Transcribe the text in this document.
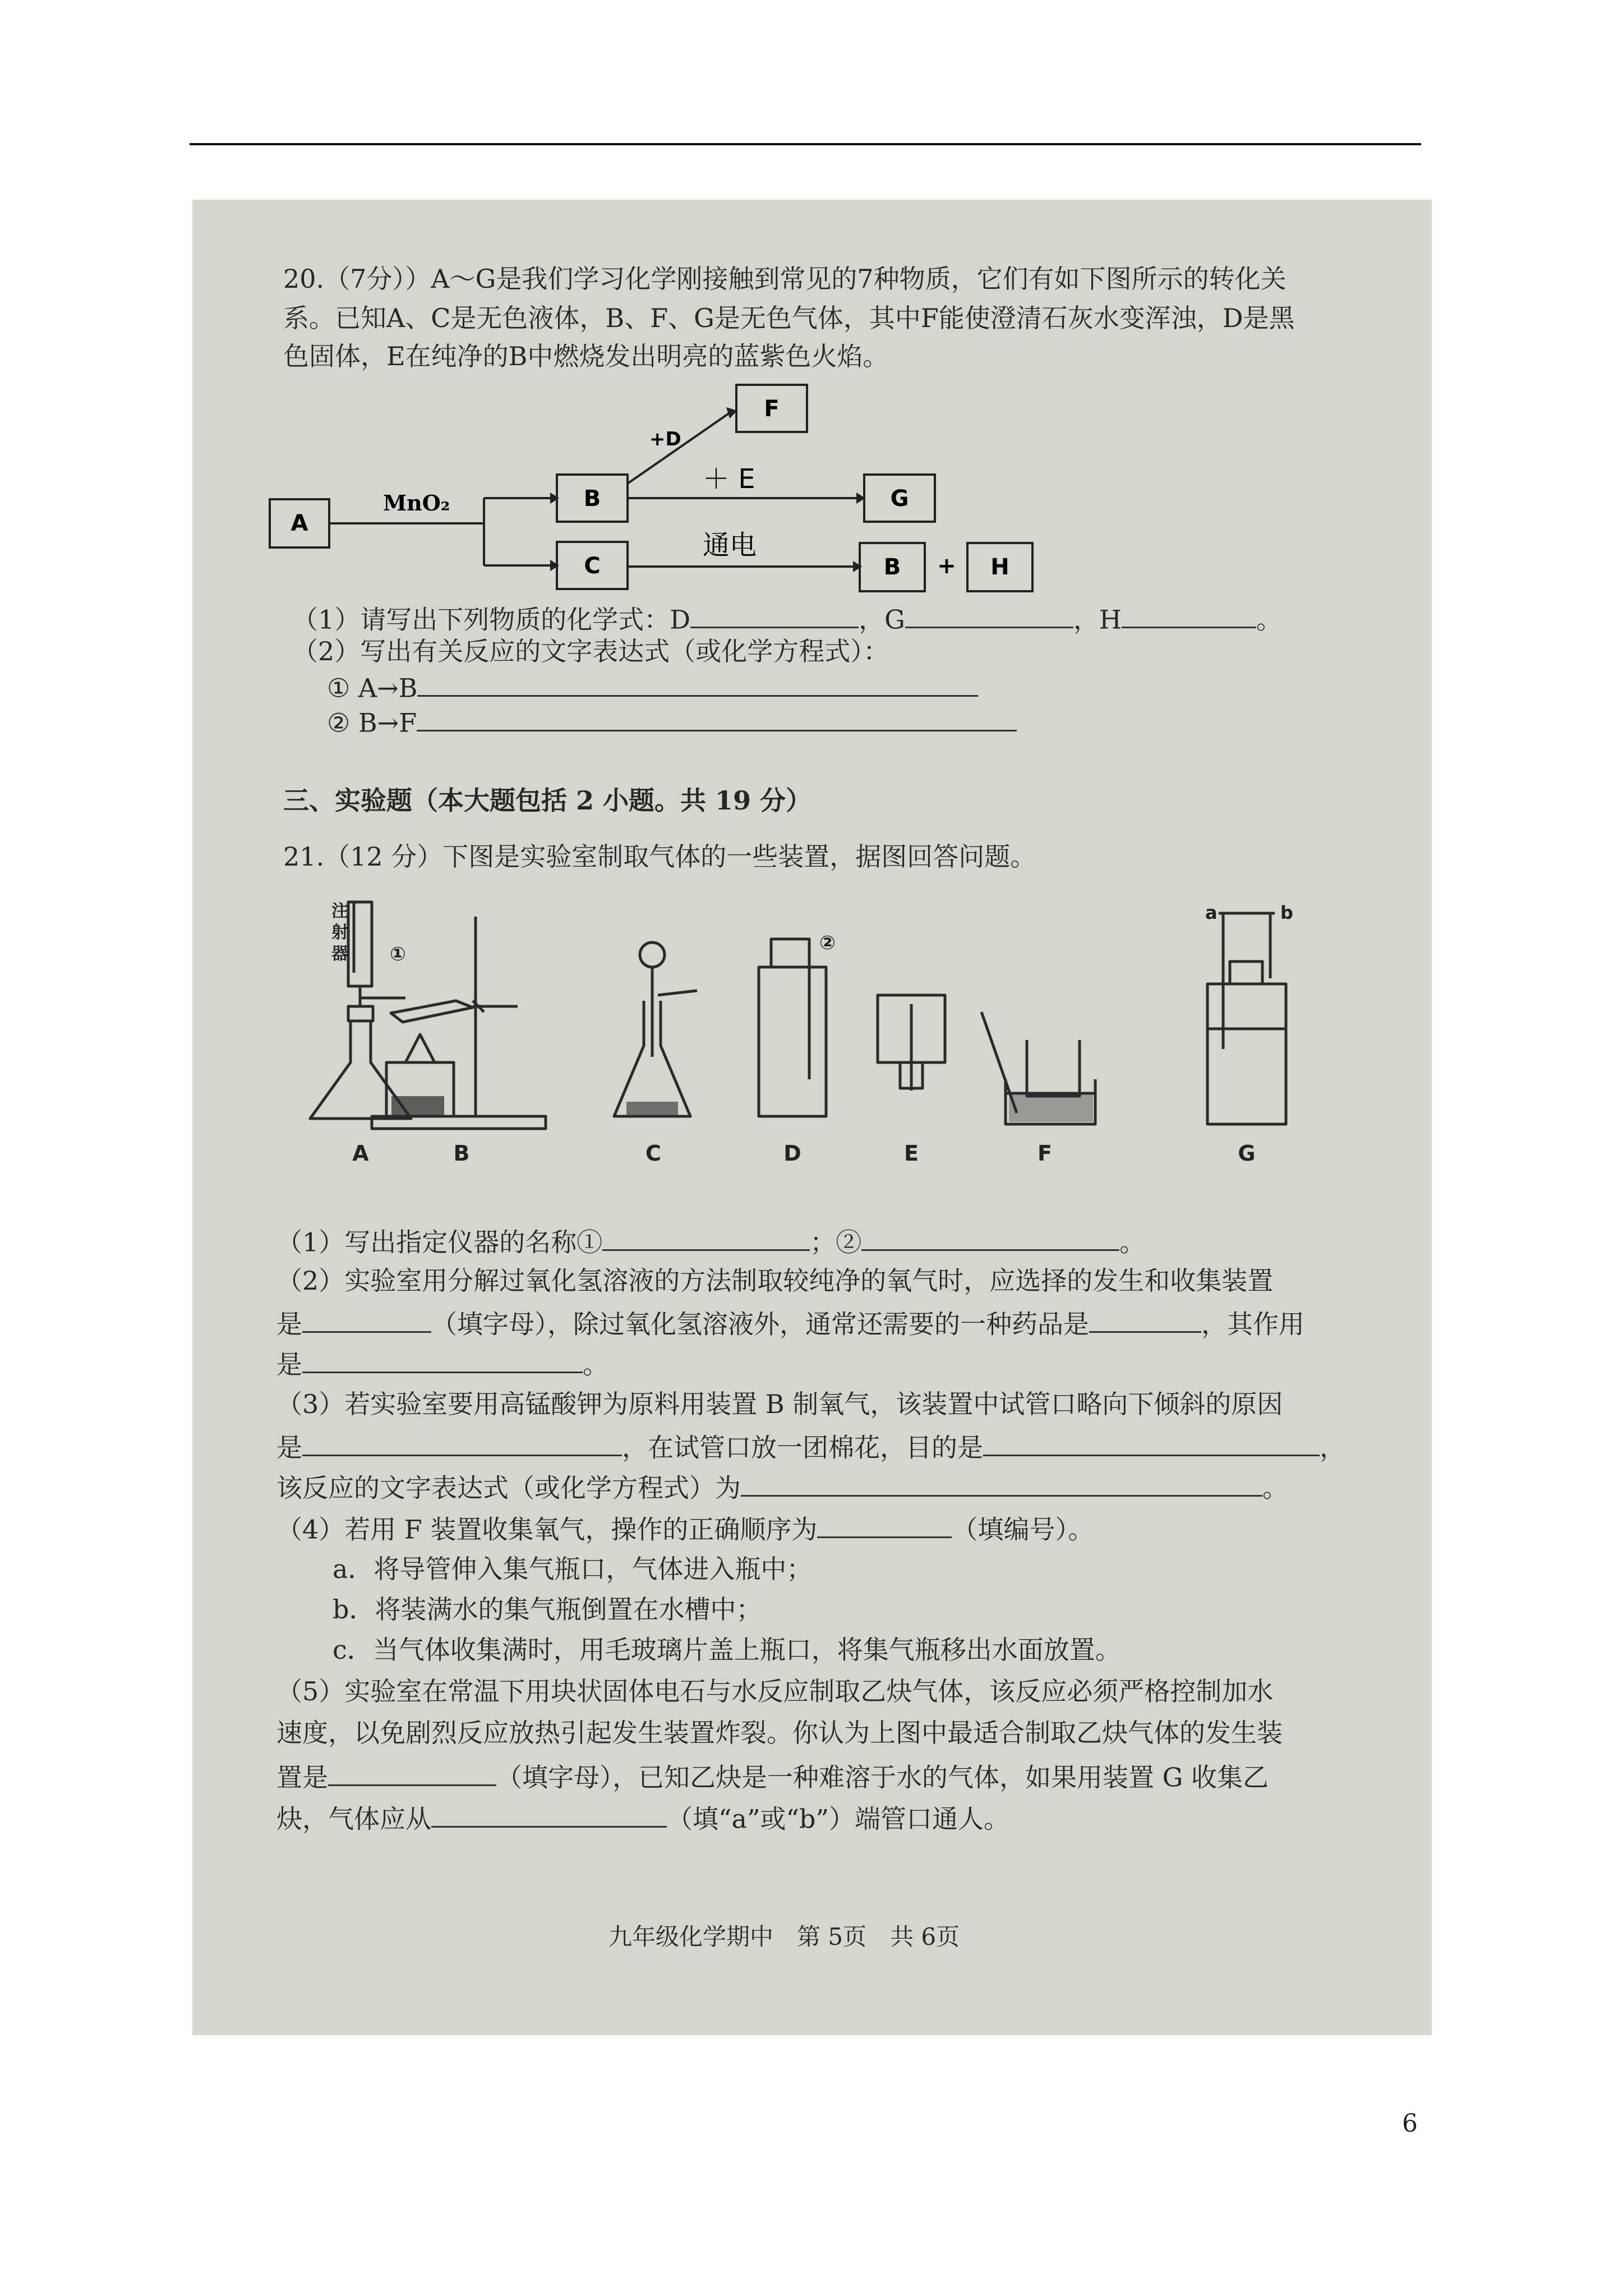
20.（7分））A～G是我们学习化学刚接触到常见的7种物质，它们有如下图所示的转化关
系。已知A、C是无色液体，B、F、G是无色气体，其中F能使澄清石灰水变浑浊，D是黑
色固体，E在纯净的B中燃烧发出明亮的蓝紫色火焰。
A
B
C
F
G
B	H
+
MnO₂
+D
＋ E
通电
（1）请写出下列物质的化学式：D	，G	，H	。
（2）写出有关反应的文字表达式（或化学方程式）：
① A→B
② B→F
三、实验题（本大题包括 2 小题。共 19 分）
21.（12 分）下图是实验室制取气体的一些装置，据图回答问题。
A	B	C	D	E	F	G
注
射
器 ①	②
a	b
（1）写出指定仪器的名称①	；②	。
（2）实验室用分解过氧化氢溶液的方法制取较纯净的氧气时，应选择的发生和收集装置
是	（填字母），除过氧化氢溶液外，通常还需要的一种药品是	，其作用
是	。
（3）若实验室要用高锰酸钾为原料用装置 B 制氧气，该装置中试管口略向下倾斜的原因
是	，在试管口放一团棉花，目的是	，
该反应的文字表达式（或化学方程式）为	。
（4）若用 F 装置收集氧气，操作的正确顺序为	（填编号）。
a．将导管伸入集气瓶口，气体进入瓶中；
b．将装满水的集气瓶倒置在水槽中；
c．当气体收集满时，用毛玻璃片盖上瓶口，将集气瓶移出水面放置。
（5）实验室在常温下用块状固体电石与水反应制取乙炔气体，该反应必须严格控制加水
速度，以免剧烈反应放热引起发生装置炸裂。你认为上图中最适合制取乙炔气体的发生装
置是	（填字母），已知乙炔是一种难溶于水的气体，如果用装置 G 收集乙
炔，气体应从	（填“a”或“b”）端管口通人。
九年级化学期中　第 5页　共 6页
6
